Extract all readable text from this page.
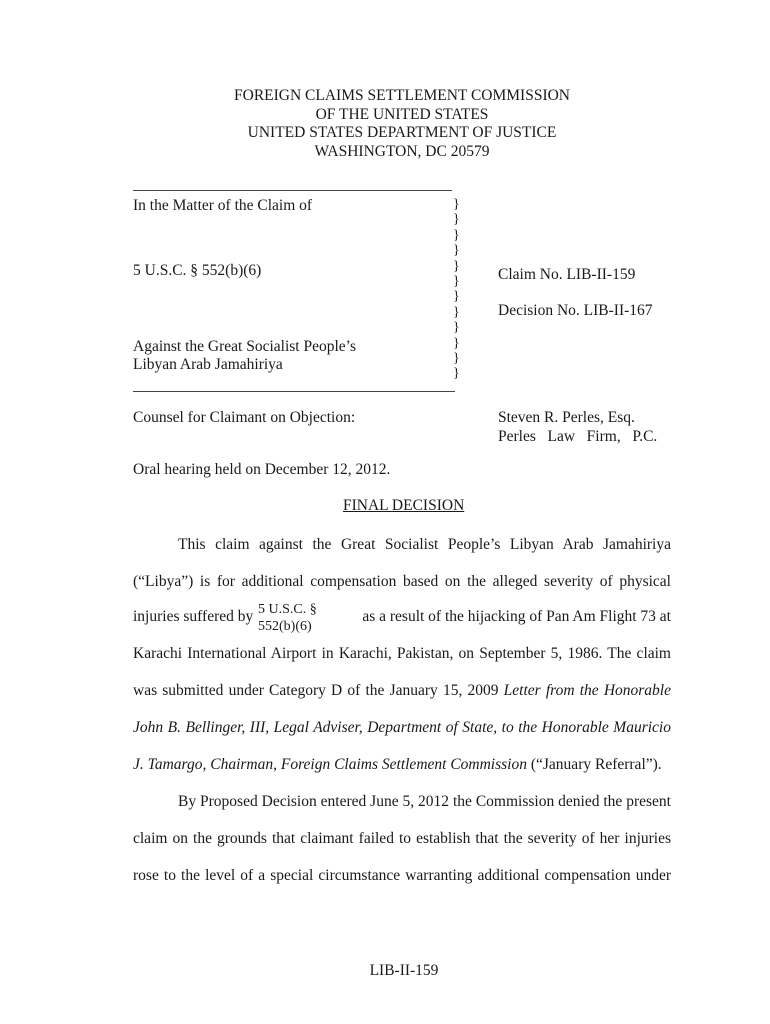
FOREIGN CLAIMS SETTLEMENT COMMISSION
OF THE UNITED STATES
UNITED STATES DEPARTMENT OF JUSTICE
WASHINGTON, DC 20579
In the Matter of the Claim of
5 U.S.C. § 552(b)(6)
Against the Great Socialist People’s
Libyan Arab Jamahiriya
}
}
}
}
}
}
}
}
}
}
}
}
Claim No. LIB-II-159
Decision No. LIB-II-167
Counsel for Claimant on Objection:	Steven R. Perles, Esq.
Perles   Law   Firm,   P.C.
Oral hearing held on December 12, 2012.
FINAL DECISION
This claim against the Great Socialist People’s Libyan Arab Jamahiriya
(“Libya”) is for additional compensation based on the alleged severity of physical
injuries suffered by 5 U.S.C. §
552(b)(6)
as a result of the hijacking of Pan Am Flight 73 at
Karachi International Airport in Karachi, Pakistan, on September 5, 1986. The claim
was submitted under Category D of the January 15, 2009 Letter from the Honorable
John B. Bellinger, III, Legal Adviser, Department of State, to the Honorable Mauricio
J. Tamargo, Chairman, Foreign Claims Settlement Commission (“January Referral”).
By Proposed Decision entered June 5, 2012 the Commission denied the present
claim on the grounds that claimant failed to establish that the severity of her injuries
rose to the level of a special circumstance warranting additional compensation under
LIB-II-159
